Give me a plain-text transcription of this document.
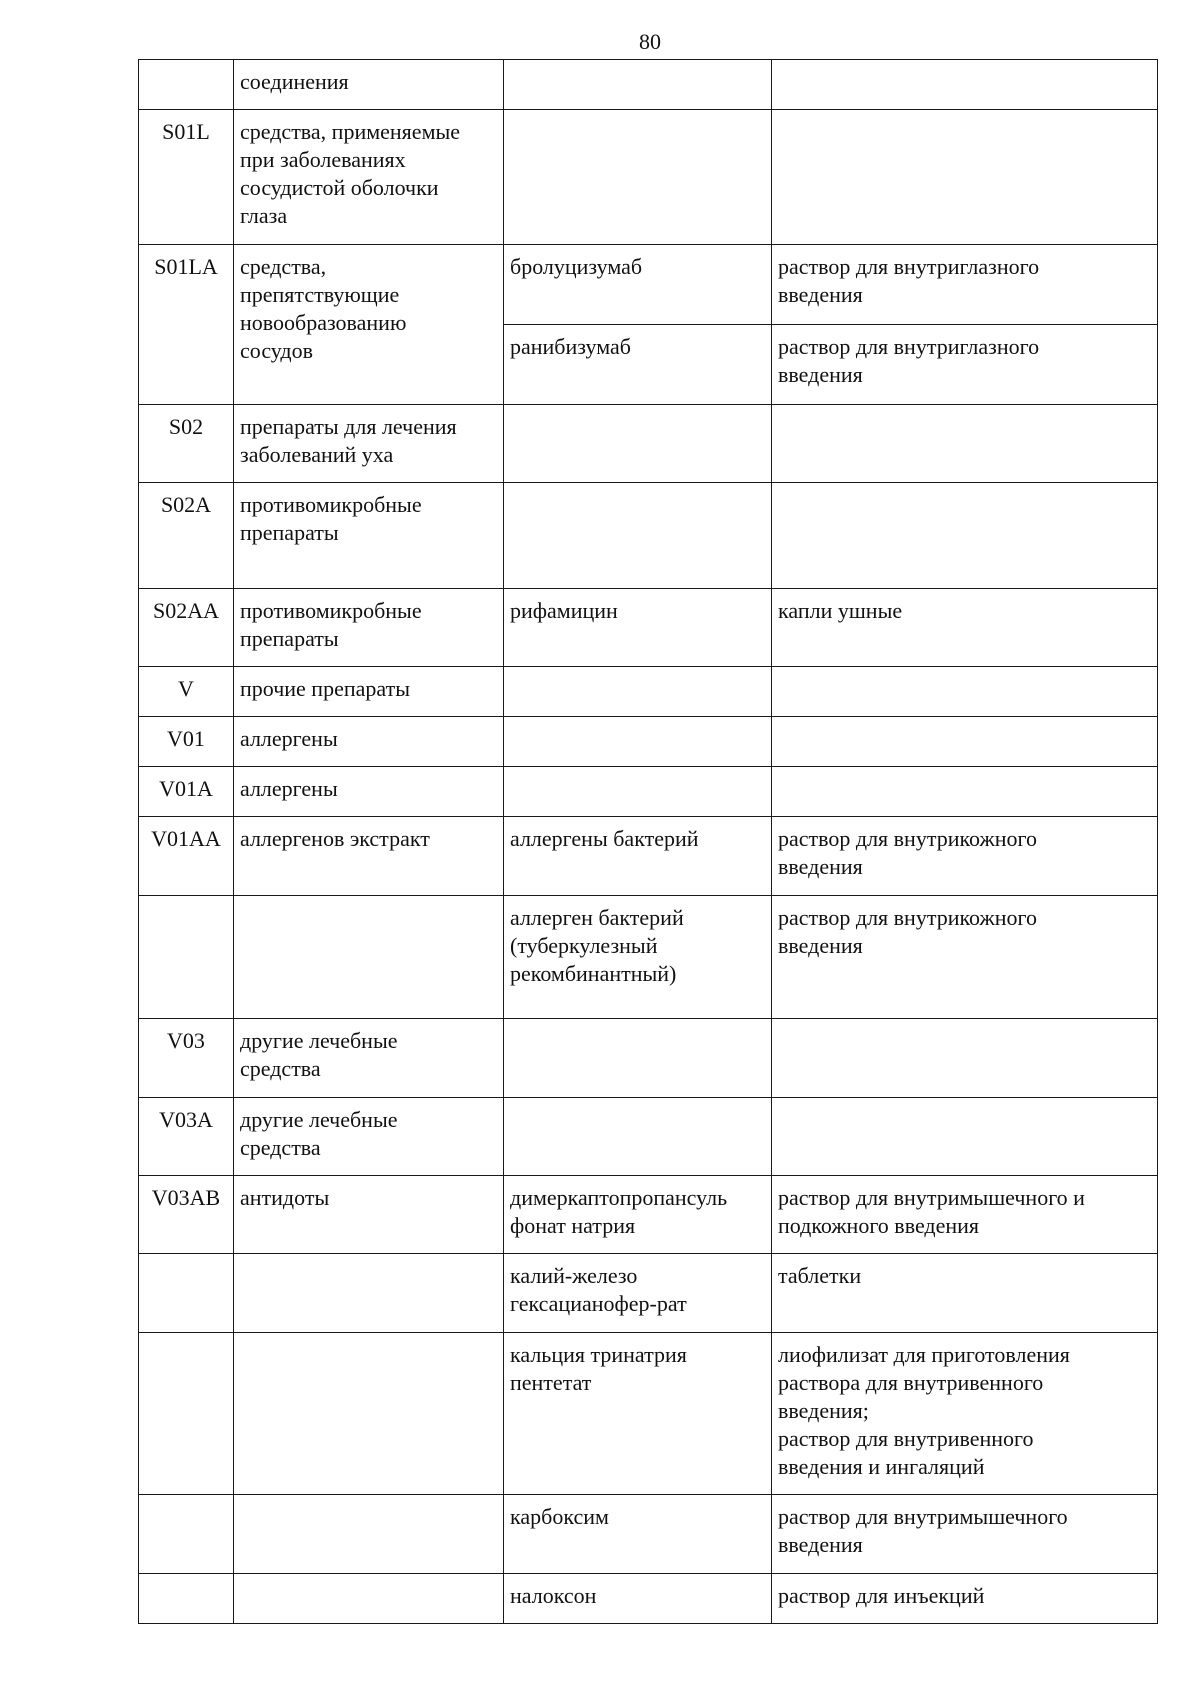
80
	соединения		
S01L	средства, применяемые
при заболеваниях
сосудистой оболочки
глаза		
S01LA	средства,
препятствующие
новообразованию
сосудов	бролуцизумаб	раствор для внутриглазного
введения
		ранибизумаб	раствор для внутриглазного
введения
S02	препараты для лечения
заболеваний уха		
S02A	противомикробные
препараты		
S02AA	противомикробные
препараты	рифамицин	капли ушные
V	прочие препараты		
V01	аллергены		
V01A	аллергены		
V01AA	аллергенов экстракт	аллергены бактерий	раствор для внутрикожного
введения
		аллерген бактерий
(туберкулезный
рекомбинантный)	раствор для внутрикожного
введения
V03	другие лечебные
средства		
V03A	другие лечебные
средства		
V03AB	антидоты	димеркаптопропансуль
фонат натрия	раствор для внутримышечного и
подкожного введения
		калий-железо
гексацианофер-рат	таблетки
		кальция тринатрия
пентетат	лиофилизат для приготовления
раствора для внутривенного
введения;
раствор для внутривенного
введения и ингаляций
		карбоксим	раствор для внутримышечного
введения
		налоксон	раствор для инъекций
